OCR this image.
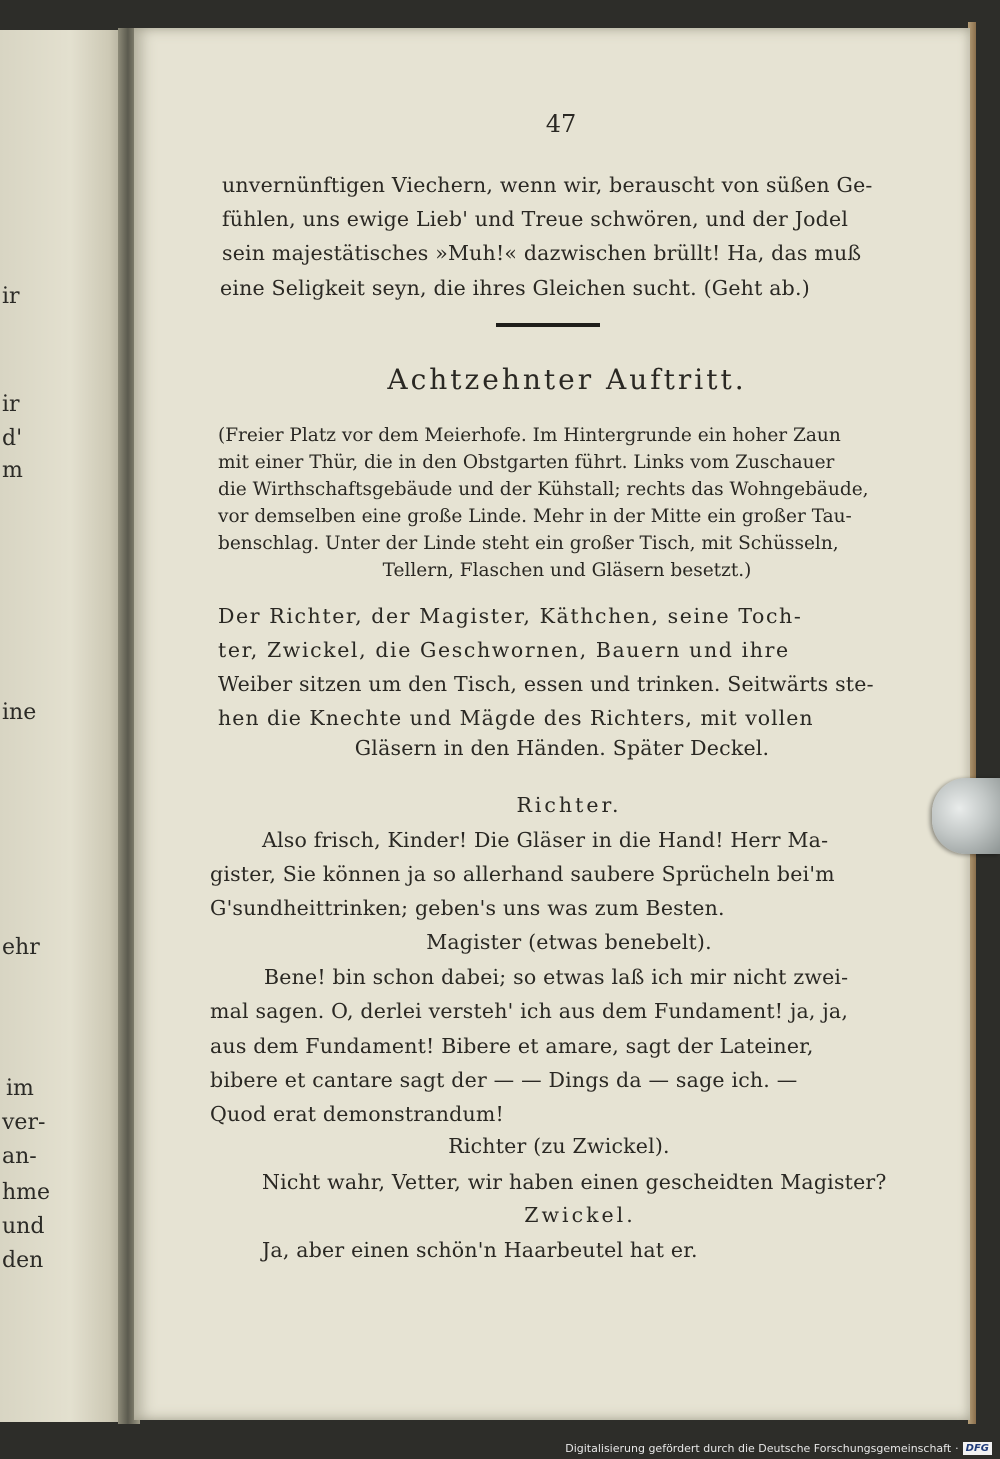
ir
ir
d'
m
ine
ehr
im
ver-
an-
hme
und
den
47
unvernünftigen Viechern, wenn wir, berauscht von süßen Ge-
fühlen, uns ewige Lieb' und Treue schwören, und der Jodel
sein majestätisches »Muh!« dazwischen brüllt! Ha, das muß
eine Seligkeit seyn, die ihres Gleichen sucht. (Geht ab.)
Achtzehnter Auftritt.
(Freier Platz vor dem Meierhofe. Im Hintergrunde ein hoher Zaun
mit einer Thür, die in den Obstgarten führt. Links vom Zuschauer
die Wirthschaftsgebäude und der Kühstall; rechts das Wohngebäude,
vor demselben eine große Linde. Mehr in der Mitte ein großer Tau-
benschlag. Unter der Linde steht ein großer Tisch, mit Schüsseln,
Tellern, Flaschen und Gläsern besetzt.)
Der Richter, der Magister, Käthchen, seine Toch-
ter, Zwickel, die Geschwornen, Bauern und ihre
Weiber sitzen um den Tisch, essen und trinken. Seitwärts ste-
hen die Knechte und Mägde des Richters, mit vollen
Gläsern in den Händen. Später Deckel.
Richter.
Also frisch, Kinder! Die Gläser in die Hand! Herr Ma-
gister, Sie können ja so allerhand saubere Sprücheln bei'm
G'sundheittrinken; geben's uns was zum Besten.
Magister (etwas benebelt).
Bene! bin schon dabei; so etwas laß ich mir nicht zwei-
mal sagen. O, derlei versteh' ich aus dem Fundament! ja, ja,
aus dem Fundament! Bibere et amare, sagt der Lateiner,
bibere et cantare sagt der — — Dings da — sage ich. —
Quod erat demonstrandum!
Richter (zu Zwickel).
Nicht wahr, Vetter, wir haben einen gescheidten Magister?
Zwickel.
Ja, aber einen schön'n Haarbeutel hat er.
Digitalisierung gefördert durch die Deutsche Forschungsgemeinschaft · DFG
